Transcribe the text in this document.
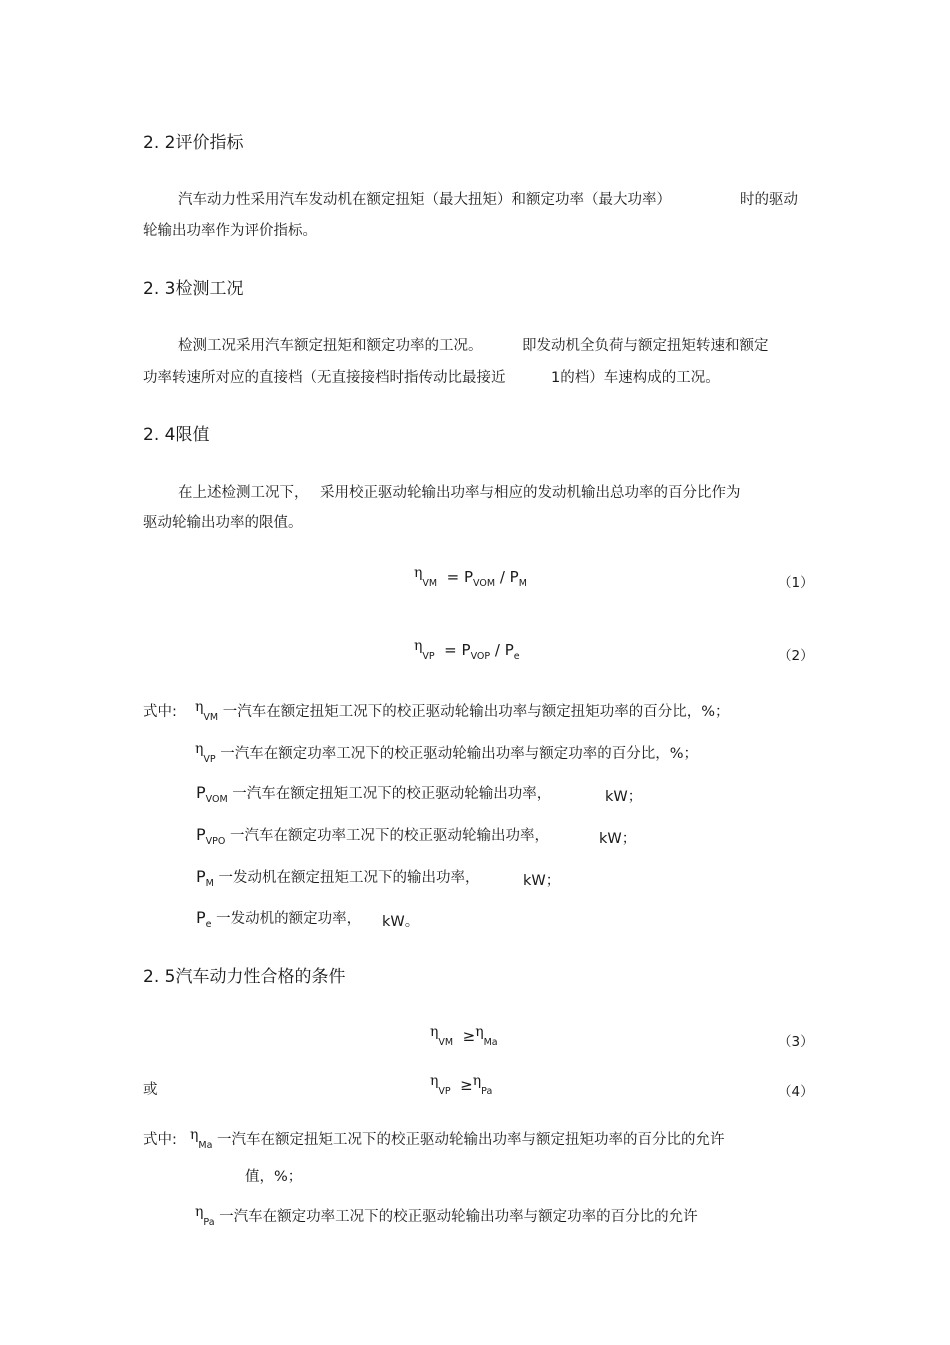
2. 2评价指标
汽车动力性采用汽车发动机在额定扭矩（最大扭矩）和额定功率（最大功率）	时的驱动
轮输出功率作为评价指标。
2. 3检测工况
检测工况采用汽车额定扭矩和额定功率的工况。	即发动机全负荷与额定扭矩转速和额定
功率转速所对应的直接档（无直接接档时指传动比最接近	1的档）车速构成的工况。
2. 4限值
在上述检测工况下， 采用校正驱动轮输出功率与相应的发动机输出总功率的百分比作为
驱动轮输出功率的限值。
$\eta_{VM} = P_{VOM} / P_M$	（1）
$\eta_{VP} = P_{VOP} / P_e$	（2）
式中: $\eta_{VM}$ 一汽车在额定扭矩工况下的校正驱动轮输出功率与额定扭矩功率的百分比，%；
$\eta_{VP}$ 一汽车在额定功率工况下的校正驱动轮输出功率与额定功率的百分比，%；
$P_{VOM}$ 一汽车在额定扭矩工况下的校正驱动轮输出功率，	kW；
$P_{VPO}$ 一汽车在额定功率工况下的校正驱动轮输出功率，	kW；
$P_M$ 一发动机在额定扭矩工况下的输出功率，	kW；
$P_e$ 一发动机的额定功率， kW。
2. 5汽车动力性合格的条件
$\eta_{VM} \ge\eta_{Ma}$	（3）
或
$\eta_{VP} \ge\eta_{Pa}$	（4）
式中: $\eta_{Ma}$ 一汽车在额定扭矩工况下的校正驱动轮输出功率与额定扭矩功率的百分比的允许
值，%；
$\eta_{Pa}$ 一汽车在额定功率工况下的校正驱动轮输出功率与额定功率的百分比的允许
